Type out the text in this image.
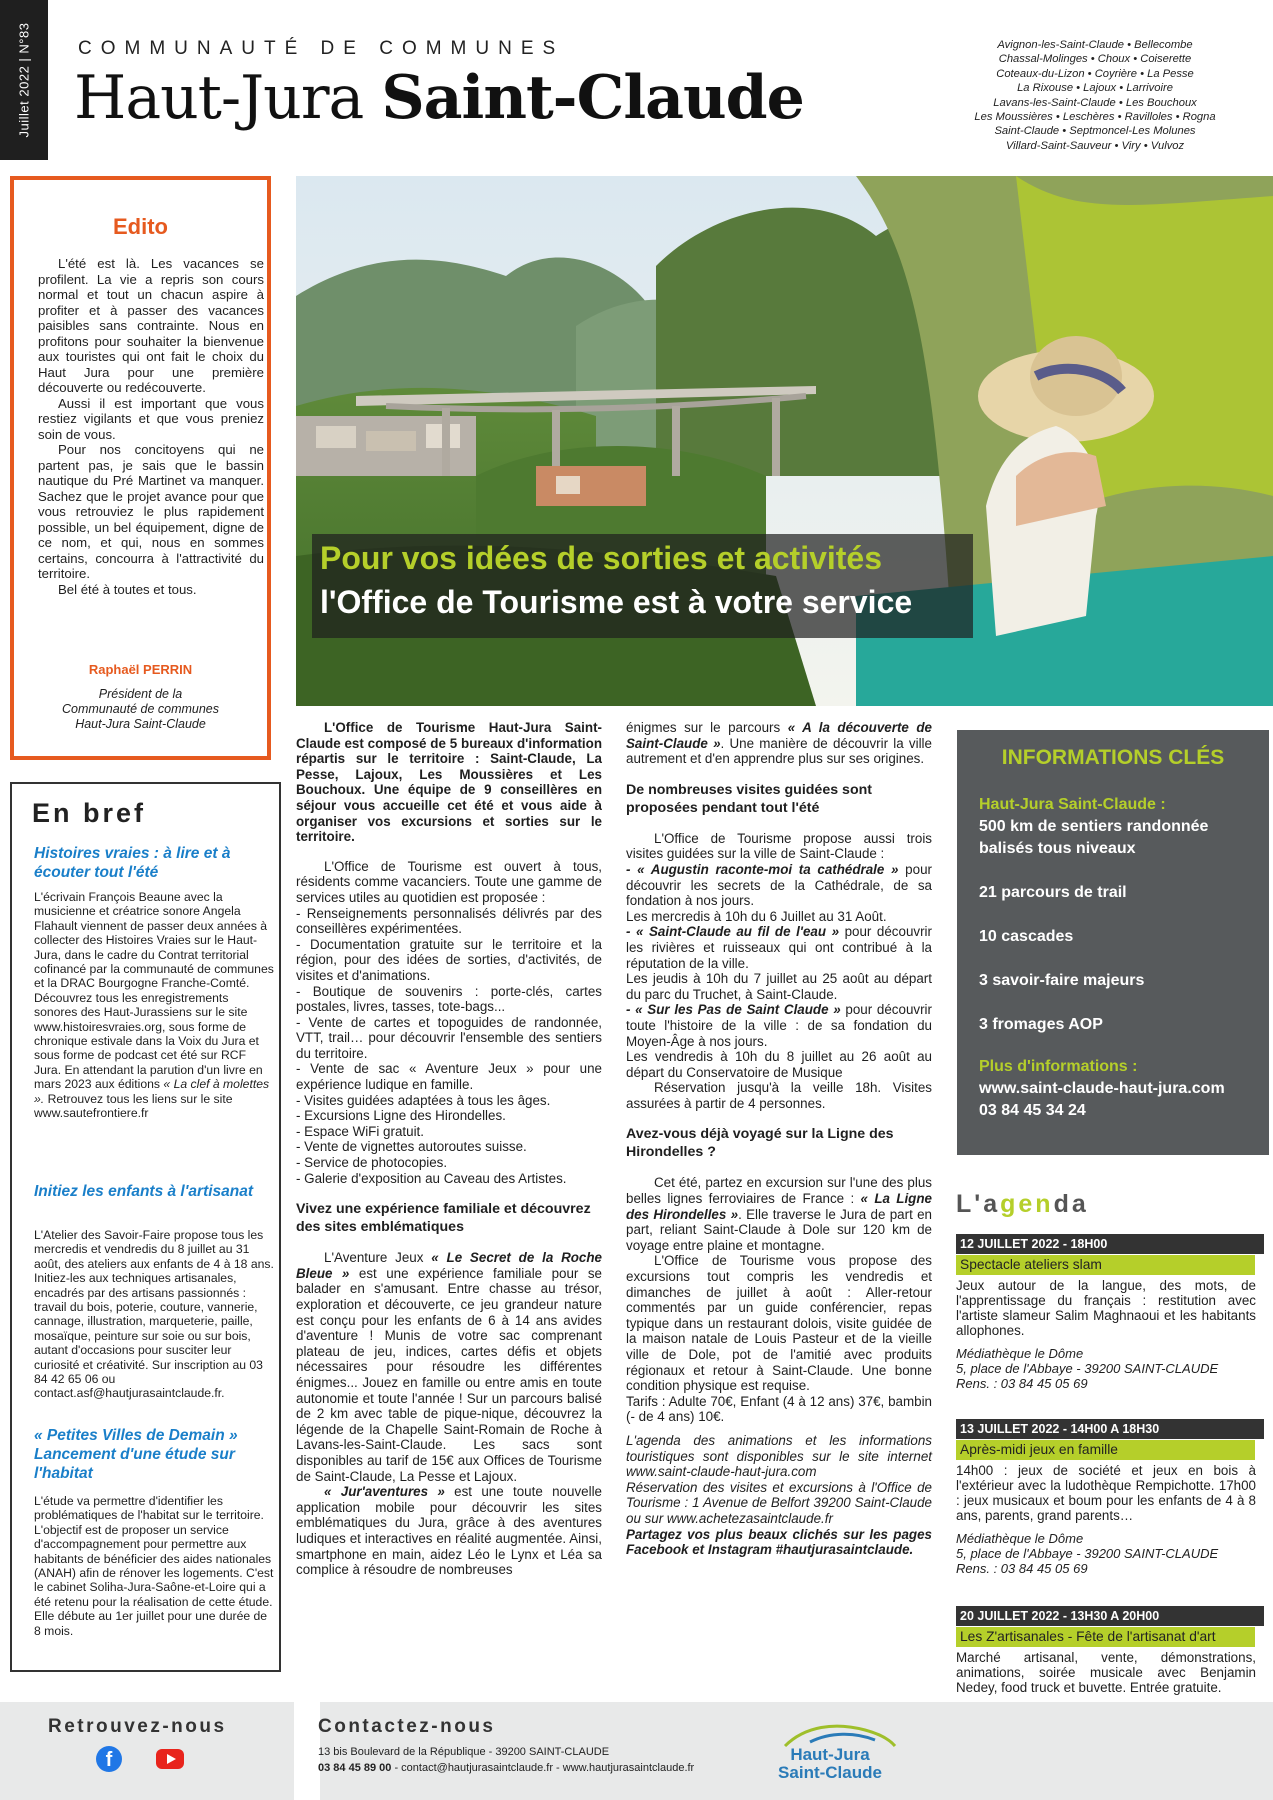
Juillet 2022 | N°83 COMMUNAUTÉ DE COMMUNES
Haut-Jura Saint-Claude
Avignon-les-Saint-Claude • Bellecombe
Chassal-Molinges • Choux • Coiserette
Coteaux-du-Lizon • Coyrière • La Pesse
La Rixouse • Lajoux • Larrivoire
Lavans-les-Saint-Claude • Les Bouchoux
Les Moussières • Leschères • Ravilloles • Rogna
Saint-Claude • Septmoncel-Les Molunes
Villard-Saint-Sauveur • Viry • Vulvoz
Edito

L'été est là. Les vacances se profilent. La vie a repris son cours normal et tout un chacun aspire à profiter et à passer des vacances paisibles sans contrainte. Nous en profitons pour souhaiter la bienvenue aux touristes qui ont fait le choix du Haut Jura pour une première découverte ou redécouverte.

Aussi il est important que vous restiez vigilants et que vous preniez soin de vous.

Pour nos concitoyens qui ne partent pas, je sais que le bassin nautique du Pré Martinet va manquer. Sachez que le projet avance pour que vous retrouviez le plus rapidement possible, un bel équipement, digne de ce nom, et qui, nous en sommes certains, concourra à l'attractivité du territoire.

Bel été à toutes et tous.

Raphaël PERRIN
Président de la
Communauté de communes
Haut-Jura Saint-Claude
Pour vos idées de sorties et activités
l'Office de Tourisme est à votre service
En bref
Histoires vraies : à lire et à écouter tout l'été
L'écrivain François Beaune avec la musicienne et créatrice sonore Angela Flahault viennent de passer deux années à collecter des Histoires Vraies sur le Haut-Jura, dans le cadre du Contrat territorial cofinancé par la communauté de communes et la DRAC Bourgogne Franche-Comté. Découvrez tous les enregistrements sonores des Haut-Jurassiens sur le site www.histoiresvraies.org, sous forme de chronique estivale dans la Voix du Jura et sous forme de podcast cet été sur RCF Jura. En attendant la parution d'un livre en mars 2023 aux éditions « La clef à molettes ». Retrouvez tous les liens sur le site www.sautefrontiere.fr
Initiez les enfants à l'artisanat
L'Atelier des Savoir-Faire propose tous les mercredis et vendredis du 8 juillet au 31 août, des ateliers aux enfants de 4 à 18 ans. Initiez-les aux techniques artisanales, encadrés par des artisans passionnés : travail du bois, poterie, couture, vannerie, cannage, illustration, marqueterie, paille, mosaïque, peinture sur soie ou sur bois, autant d'occasions pour susciter leur curiosité et créativité. Sur inscription au 03 84 42 65 06 ou contact.asf@hautjurasaintclaude.fr.
« Petites Villes de Demain » Lancement d'une étude sur l'habitat
L'étude va permettre d'identifier les problématiques de l'habitat sur le territoire. L'objectif est de proposer un service d'accompagnement pour permettre aux habitants de bénéficier des aides nationales (ANAH) afin de rénover les logements. C'est le cabinet Soliha-Jura-Saône-et-Loire qui a été retenu pour la réalisation de cette étude. Elle débute au 1er juillet pour une durée de 8 mois.

L'Office de Tourisme Haut-Jura Saint-Claude est composé de 5 bureaux d'information répartis sur le territoire : Saint-Claude, La Pesse, Lajoux, Les Moussières et Les Bouchoux. Une équipe de 9 conseillères en séjour vous accueille cet été et vous aide à organiser vos excursions et sorties sur le territoire.

L'Office de Tourisme est ouvert à tous, résidents comme vacanciers. Toute une gamme de services utiles au quotidien est proposée :

- Renseignements personnalisés délivrés par des conseillères expérimentées.

- Documentation gratuite sur le territoire et la région, pour des idées de sorties, d'activités, de visites et d'animations.

- Boutique de souvenirs : porte-clés, cartes postales, livres, tasses, tote-bags...

- Vente de cartes et topoguides de randonnée, VTT, trail… pour découvrir l'ensemble des sentiers du territoire.

- Vente de sac « Aventure Jeux » pour une expérience ludique en famille.

- Visites guidées adaptées à tous les âges.

- Excursions Ligne des Hirondelles.

- Espace WiFi gratuit.

- Vente de vignettes autoroutes suisse.

- Service de photocopies.

- Galerie d'exposition au Caveau des Artistes.

Vivez une expérience familiale et découvrez des sites emblématiques

L'Aventure Jeux « Le Secret de la Roche Bleue » est une expérience familiale pour se balader en s'amusant. Entre chasse au trésor, exploration et découverte, ce jeu grandeur nature est conçu pour les enfants de 6 à 14 ans avides d'aventure ! Munis de votre sac comprenant plateau de jeu, indices, cartes défis et objets nécessaires pour résoudre les différentes énigmes... Jouez en famille ou entre amis en toute autonomie et toute l'année ! Sur un parcours balisé de 2 km avec table de pique-nique, découvrez la légende de la Chapelle Saint-Romain de Roche à Lavans-les-Saint-Claude. Les sacs sont disponibles au tarif de 15€ aux Offices de Tourisme de Saint-Claude, La Pesse et Lajoux.

« Jur'aventures » est une toute nouvelle application mobile pour découvrir les sites emblématiques du Jura, grâce à des aventures ludiques et interactives en réalité augmentée. Ainsi, smartphone en main, aidez Léo le Lynx et Léa sa complice à résoudre de nombreuses

énigmes sur le parcours « A la découverte de Saint-Claude ». Une manière de découvrir la ville autrement et d'en apprendre plus sur ses origines.

De nombreuses visites guidées sont proposées pendant tout l'été

L'Office de Tourisme propose aussi trois visites guidées sur la ville de Saint-Claude :

- « Augustin raconte-moi ta cathédrale » pour découvrir les secrets de la Cathédrale, de sa fondation à nos jours.

Les mercredis à 10h du 6 Juillet au 31 Août.

- « Saint-Claude au fil de l'eau » pour découvrir les rivières et ruisseaux qui ont contribué à la réputation de la ville.

Les jeudis à 10h du 7 juillet au 25 août au départ du parc du Truchet, à Saint-Claude.

- « Sur les Pas de Saint Claude » pour découvrir toute l'histoire de la ville : de sa fondation du Moyen-Âge à nos jours.

Les vendredis à 10h du 8 juillet au 26 août au départ du Conservatoire de Musique

Réservation jusqu'à la veille 18h. Visites assurées à partir de 4 personnes.

Avez-vous déjà voyagé sur la Ligne des Hirondelles ?

Cet été, partez en excursion sur l'une des plus belles lignes ferroviaires de France : « La Ligne des Hirondelles ». Elle traverse le Jura de part en part, reliant Saint-Claude à Dole sur 120 km de voyage entre plaine et montagne.

L'Office de Tourisme vous propose des excursions tout compris les vendredis et dimanches de juillet à août : Aller-retour commentés par un guide conférencier, repas typique dans un restaurant dolois, visite guidée de la maison natale de Louis Pasteur et de la vieille ville de Dole, pot de l'amitié avec produits régionaux et retour à Saint-Claude. Une bonne condition physique est requise.

Tarifs : Adulte 70€, Enfant (4 à 12 ans) 37€, bambin (- de 4 ans) 10€.

L'agenda des animations et les informations touristiques sont disponibles sur le site internet www.saint-claude-haut-jura.com

Réservation des visites et excursions à l'Office de Tourisme : 1 Avenue de Belfort 39200 Saint-Claude ou sur www.achetezasaintclaude.fr

Partagez vos plus beaux clichés sur les pages Facebook et Instagram #hautjurasaintclaude.

INFORMATIONS CLÉS
Haut-Jura Saint-Claude :
500 km de sentiers randonnée balisés tous niveaux
21 parcours de trail
10 cascades
3 savoir-faire majeurs
3 fromages AOP
Plus d'informations :
www.saint-claude-haut-jura.com
03 84 45 34 24
L'agenda
12 JUILLET 2022 - 18H00
Spectacle ateliers slam
Jeux autour de la langue, des mots, de l'apprentissage du français : restitution avec l'artiste slameur Salim Maghnaoui et les habitants allophones.
Médiathèque le Dôme
5, place de l'Abbaye - 39200 SAINT-CLAUDE
Rens. : 03 84 45 05 69
13 JUILLET 2022 - 14H00 A 18H30
Après-midi jeux en famille
14h00 : jeux de société et jeux en bois à l'extérieur avec la ludothèque Rempichotte. 17h00 : jeux musicaux et boum pour les enfants de 4 à 8 ans, parents, grand parents…
Médiathèque le Dôme
5, place de l'Abbaye - 39200 SAINT-CLAUDE
Rens. : 03 84 45 05 69
20 JUILLET 2022 - 13H30 A 20H00
Les Z'artisanales - Fête de l'artisanat d'art
Marché artisanal, vente, démonstrations, animations, soirée musicale avec Benjamin Nedey, food truck et buvette. Entrée gratuite.
Retrouvez-nous
f
Contactez-nous
13 bis Boulevard de la République - 39200 SAINT-CLAUDE
03 84 45 89 00 - contact@hautjurasaintclaude.fr - www.hautjurasaintclaude.fr
Haut-Jura
Saint-Claude
